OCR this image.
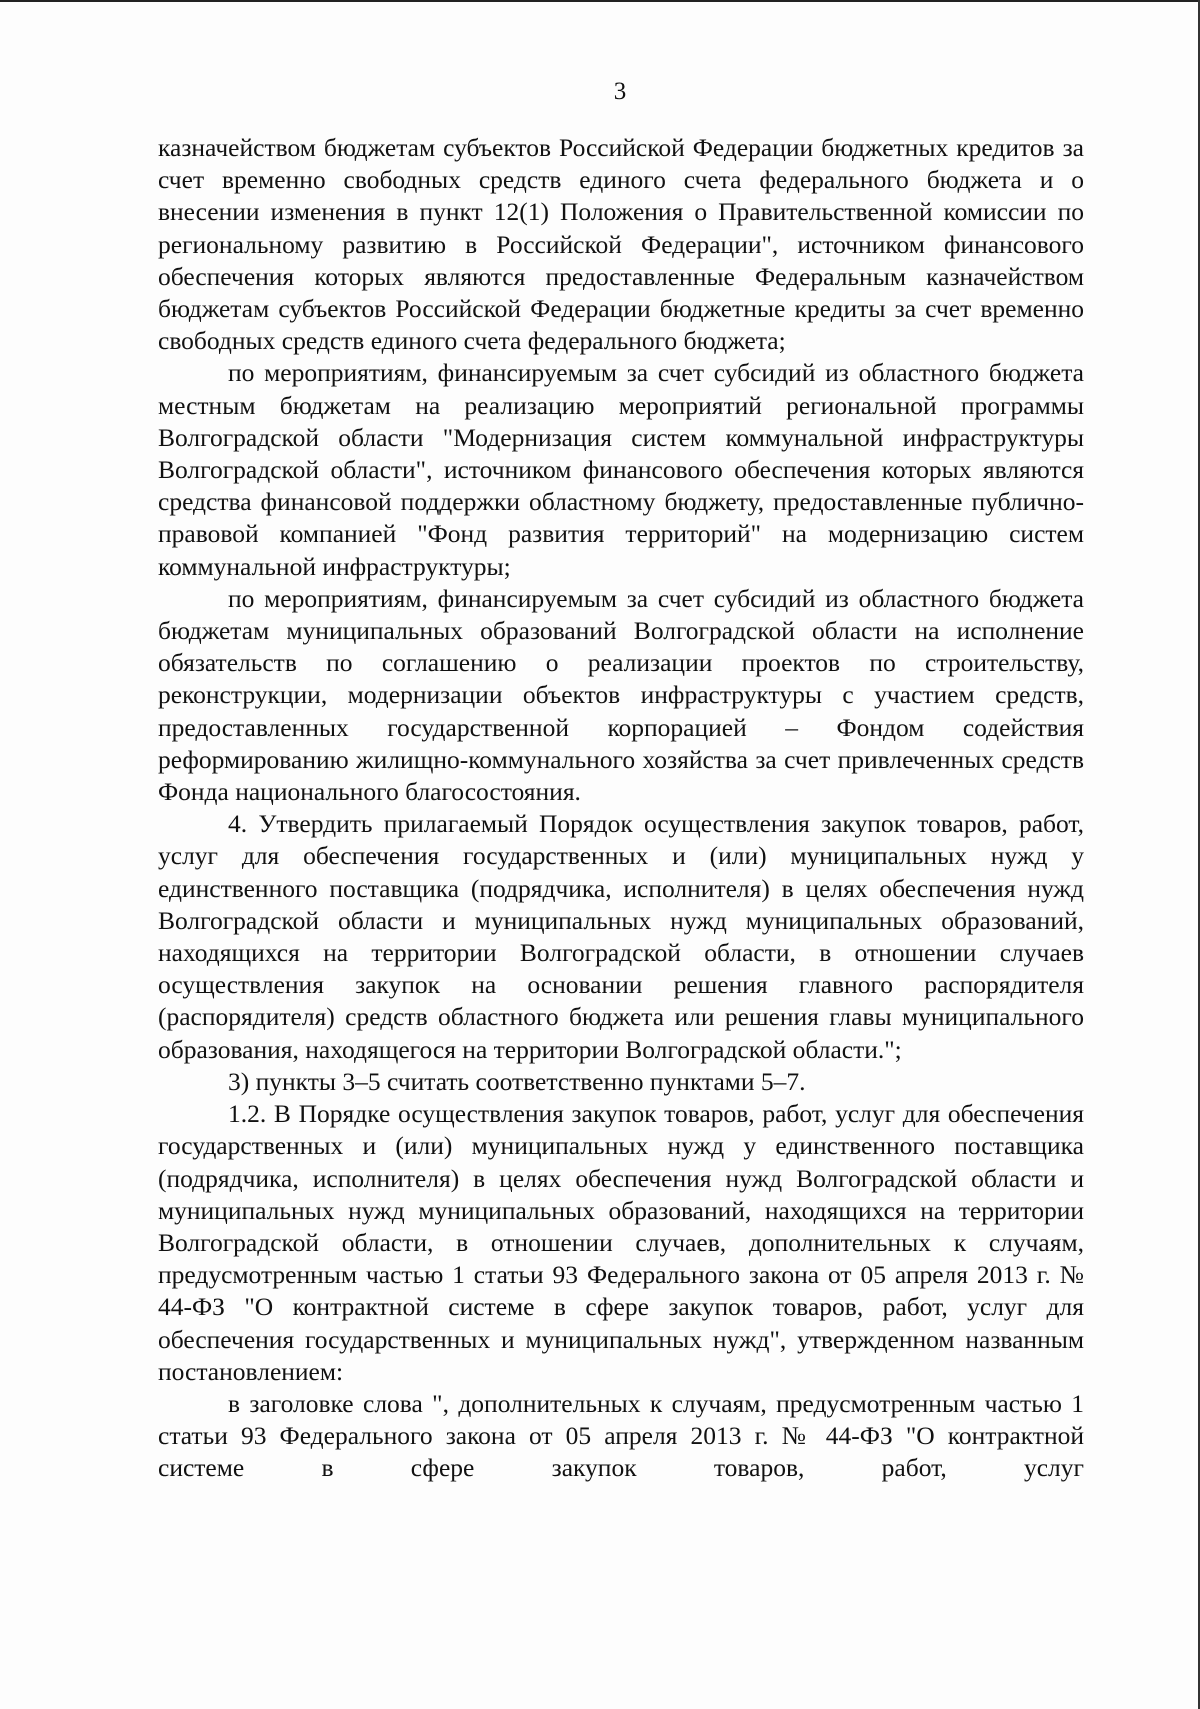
3

казначейством бюджетам субъектов Российской Федерации бюджетных кредитов за счет временно свободных средств единого счета федерального бюджета и о внесении изменения в пункт 12(1) Положения о Правительственной комиссии по региональному развитию в Российской Федерации", источником финансового обеспечения которых являются предоставленные Федеральным казначейством бюджетам субъектов Российской Федерации бюджетные кредиты за счет временно свободных средств единого счета федерального бюджета;

по мероприятиям, финансируемым за счет субсидий из областного бюджета местным бюджетам на реализацию мероприятий региональной программы Волгоградской области "Модернизация систем коммунальной инфраструктуры Волгоградской области", источником финансового обеспечения которых являются средства финансовой поддержки областному бюджету, предоставленные публично-правовой компанией "Фонд развития территорий" на модернизацию систем коммунальной инфраструктуры;

по мероприятиям, финансируемым за счет субсидий из областного бюджета бюджетам муниципальных образований Волгоградской области на исполнение обязательств по соглашению о реализации проектов по строительству, реконструкции, модернизации объектов инфраструктуры с участием средств, предоставленных государственной корпорацией – Фондом содействия реформированию жилищно-коммунального хозяйства за счет привлеченных средств Фонда национального благосостояния.

4. Утвердить прилагаемый Порядок осуществления закупок товаров, работ, услуг для обеспечения государственных и (или) муниципальных нужд у единственного поставщика (подрядчика, исполнителя) в целях обеспечения нужд Волгоградской области и муниципальных нужд муниципальных образований, находящихся на территории Волгоградской области, в отношении случаев осуществления закупок на основании решения главного распорядителя (распорядителя) средств областного бюджета или решения главы муниципального образования, находящегося на территории Волгоградской области.";

3) пункты 3–5 считать соответственно пунктами 5–7.

1.2. В Порядке осуществления закупок товаров, работ, услуг для обеспечения государственных и (или) муниципальных нужд у единственного поставщика (подрядчика, исполнителя) в целях обеспечения нужд Волгоградской области и муниципальных нужд муниципальных образований, находящихся на территории Волгоградской области, в отношении случаев, дополнительных к случаям, предусмотренным частью 1 статьи 93 Федерального закона от 05 апреля 2013 г. № 44-ФЗ "О контрактной системе в сфере закупок товаров, работ, услуг для обеспечения государственных и муниципальных нужд", утвержденном названным постановлением:

в заголовке слова ", дополнительных к случаям, предусмотренным частью 1 статьи 93 Федерального закона от 05 апреля 2013 г. № 44-ФЗ "О контрактной системе в сфере закупок товаров, работ, услуг
